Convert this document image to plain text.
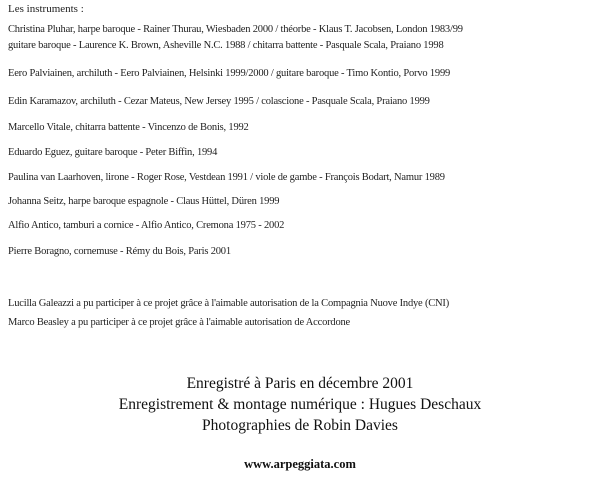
Les instruments :
Christina Pluhar, harpe baroque - Rainer Thurau, Wiesbaden 2000 / théorbe - Klaus T. Jacobsen, London 1983/99
guitare baroque - Laurence K. Brown, Asheville N.C. 1988 / chitarra battente - Pasquale Scala, Praiano 1998
Eero Palviainen, archiluth - Eero Palviainen, Helsinki 1999/2000 / guitare baroque - Timo Kontio, Porvo 1999
Edin Karamazov, archiluth - Cezar Mateus, New Jersey 1995 / colascione - Pasquale Scala, Praiano 1999
Marcello Vitale, chitarra battente - Vincenzo de Bonis, 1992
Eduardo Eguez, guitare baroque - Peter Biffin, 1994
Paulina van Laarhoven, lirone - Roger Rose, Vestdean 1991 / viole de gambe - François Bodart, Namur 1989
Johanna Seitz, harpe baroque espagnole - Claus Hüttel, Düren 1999
Alfio Antico, tamburi a cornice - Alfio Antico, Cremona 1975 - 2002
Pierre Boragno, cornemuse - Rémy du Bois, Paris 2001
Lucilla Galeazzi a pu participer à ce projet grâce à l'aimable autorisation de la Compagnia Nuove Indye (CNI)
Marco Beasley a pu participer à ce projet grâce à l'aimable autorisation de Accordone
Enregistré à Paris en décembre 2001
Enregistrement & montage numérique : Hugues Deschaux
Photographies de Robin Davies
www.arpeggiata.com
